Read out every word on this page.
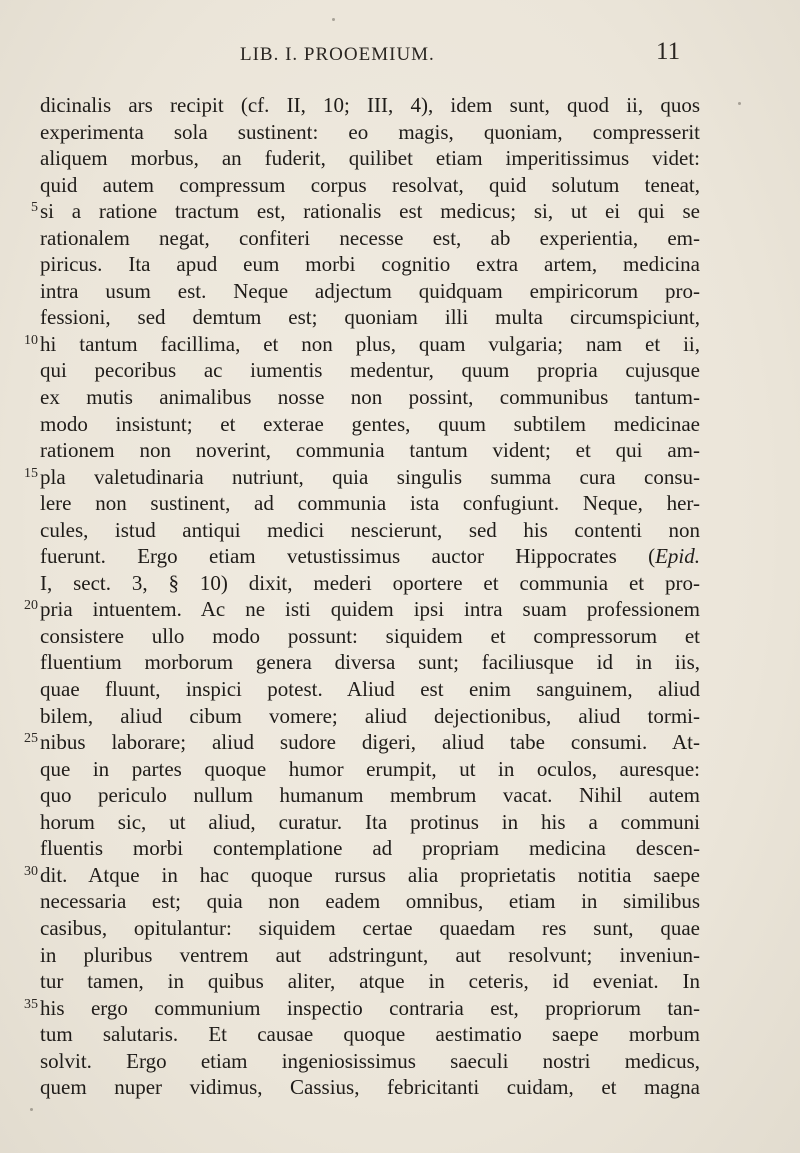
LIB. I. PROOEMIUM.	11
dicinalis ars recipit (cf. II, 10; III, 4), idem sunt, quod ii, quos
experimenta sola sustinent: eo magis, quoniam, compresserit
aliquem morbus, an fuderit, quilibet etiam imperitissimus videt:
quid autem compressum corpus resolvat, quid solutum teneat,
5 si a ratione tractum est, rationalis est medicus; si, ut ei qui se
rationalem negat, confiteri necesse est, ab experientia, em-
piricus. Ita apud eum morbi cognitio extra artem, medicina
intra usum est. Neque adjectum quidquam empiricorum pro-
fessioni, sed demtum est; quoniam illi multa circumspiciunt,
10 hi tantum facillima, et non plus, quam vulgaria; nam et ii,
qui pecoribus ac iumentis medentur, quum propria cujusque
ex mutis animalibus nosse non possint, communibus tantum-
modo insistunt; et exterae gentes, quum subtilem medicinae
rationem non noverint, communia tantum vident; et qui am-
15 pla valetudinaria nutriunt, quia singulis summa cura consu-
lere non sustinent, ad communia ista confugiunt. Neque, her-
cules, istud antiqui medici nescierunt, sed his contenti non
fuerunt. Ergo etiam vetustissimus auctor Hippocrates (Epid.
I, sect. 3, § 10) dixit, mederi oportere et communia et pro-
20 pria intuentem. Ac ne isti quidem ipsi intra suam professionem
consistere ullo modo possunt: siquidem et compressorum et
fluentium morborum genera diversa sunt; faciliusque id in iis,
quae fluunt, inspici potest. Aliud est enim sanguinem, aliud
bilem, aliud cibum vomere; aliud dejectionibus, aliud tormi-
25 nibus laborare; aliud sudore digeri, aliud tabe consumi. At-
que in partes quoque humor erumpit, ut in oculos, auresque:
quo periculo nullum humanum membrum vacat. Nihil autem
horum sic, ut aliud, curatur. Ita protinus in his a communi
fluentis morbi contemplatione ad propriam medicina descen-
30 dit. Atque in hac quoque rursus alia proprietatis notitia saepe
necessaria est; quia non eadem omnibus, etiam in similibus
casibus, opitulantur: siquidem certae quaedam res sunt, quae
in pluribus ventrem aut adstringunt, aut resolvunt; inveniun-
tur tamen, in quibus aliter, atque in ceteris, id eveniat. In
35 his ergo communium inspectio contraria est, propriorum tan-
tum salutaris. Et causae quoque aestimatio saepe morbum
solvit. Ergo etiam ingeniosissimus saeculi nostri medicus,
quem nuper vidimus, Cassius, febricitanti cuidam, et magna
